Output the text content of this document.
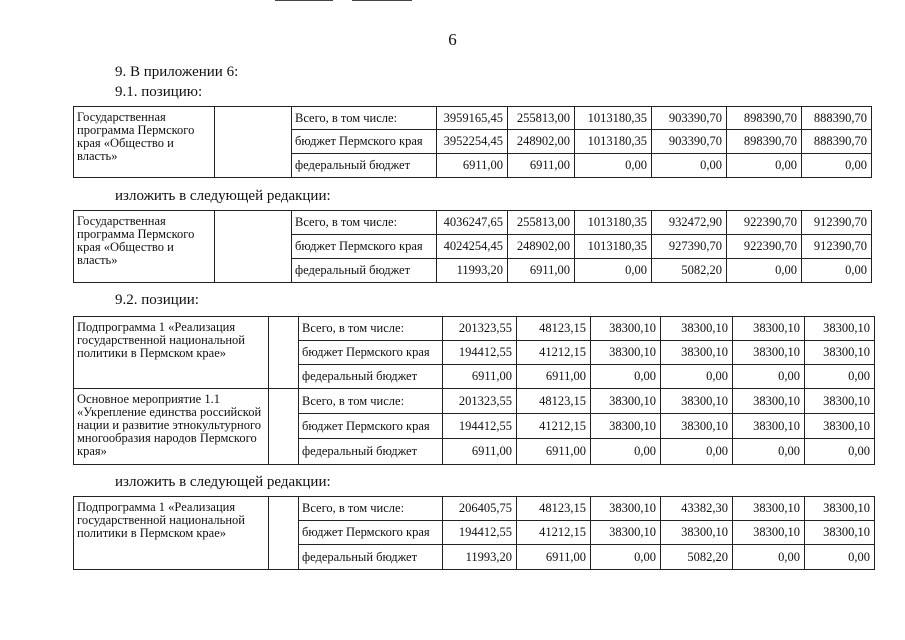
6
9. В приложении 6:
9.1. позицию:
Государственная программа Пермского края «Общество и власть»		Всего, в том числе:	3959165,45	255813,00	1013180,35	903390,70	898390,70	888390,70
		бюджет Пермского края	3952254,45	248902,00	1013180,35	903390,70	898390,70	888390,70
		федеральный бюджет	6911,00	6911,00	0,00	0,00	0,00	0,00
изложить в следующей редакции:
Государственная программа Пермского края «Общество и власть»		Всего, в том числе:	4036247,65	255813,00	1013180,35	932472,90	922390,70	912390,70
		бюджет Пермского края	4024254,45	248902,00	1013180,35	927390,70	922390,70	912390,70
		федеральный бюджет	11993,20	6911,00	0,00	5082,20	0,00	0,00
9.2. позиции:
Подпрограмма 1 «Реализация государственной национальной политики в Пермском крае»		Всего, в том числе:	201323,55	48123,15	38300,10	38300,10	38300,10	38300,10
		бюджет Пермского края	194412,55	41212,15	38300,10	38300,10	38300,10	38300,10
		федеральный бюджет	6911,00	6911,00	0,00	0,00	0,00	0,00
Основное мероприятие 1.1 «Укрепление единства российской нации и развитие этнокультурного многообразия народов Пермского края»		Всего, в том числе:	201323,55	48123,15	38300,10	38300,10	38300,10	38300,10
		бюджет Пермского края	194412,55	41212,15	38300,10	38300,10	38300,10	38300,10
		федеральный бюджет	6911,00	6911,00	0,00	0,00	0,00	0,00
изложить в следующей редакции:
Подпрограмма 1 «Реализация государственной национальной политики в Пермском крае»		Всего, в том числе:	206405,75	48123,15	38300,10	43382,30	38300,10	38300,10
		бюджет Пермского края	194412,55	41212,15	38300,10	38300,10	38300,10	38300,10
		федеральный бюджет	11993,20	6911,00	0,00	5082,20	0,00	0,00
